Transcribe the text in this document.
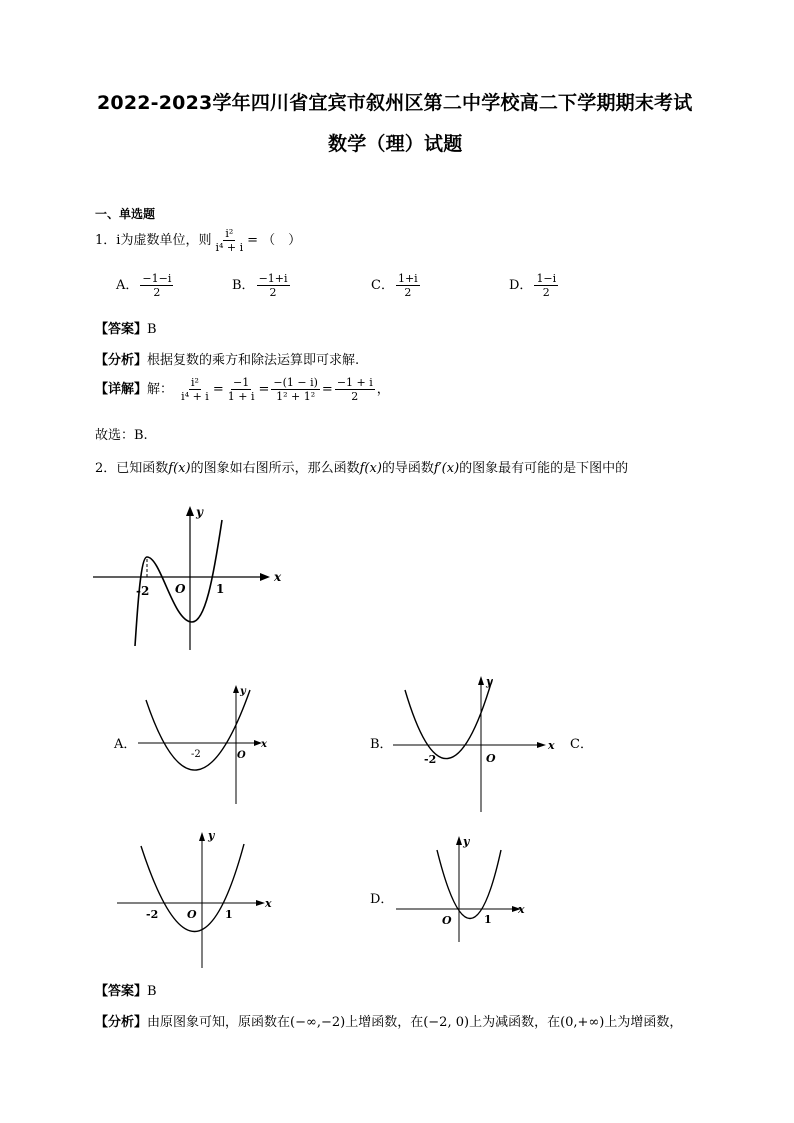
2022-2023学年四川省宜宾市叙州区第二中学校高二下学期期末考试
数学（理）试题
一、单选题
1．i为虚数单位，则 $\frac{\text{i²}}{\text{i⁴ + i}}$ = （　）
A． $\frac{-1-i}{2}$	B． $\frac{-1+i}{2}$	C． $\frac{1+i}{2}$	D． $\frac{1-i}{2}$
【答案】B
【分析】根据复数的乘方和除法运算即可求解.
【详解】解： $\frac{\text{i²}}{\text{i⁴ + i}} = \frac{-1}{1 + i} = \frac{-(1 - i)}{\text{1² + 1²}} = \frac{-1 + i}{2}$ ，
故选：B.
2．已知函数f(x)的图象如右图所示，那么函数f(x)的导函数f′(x)的图象最有可能的是下图中的
x
y
O
-2	1
A．	x
y
O
-2
B．	x
y
O
-2
C．
x
y
O
-2	1
D．
x
y
O	1
【答案】B
【分析】由原图象可知，原函数在(−∞,−2)上增函数，在(−2, 0)上为减函数，在(0,+∞)上为增函数，
